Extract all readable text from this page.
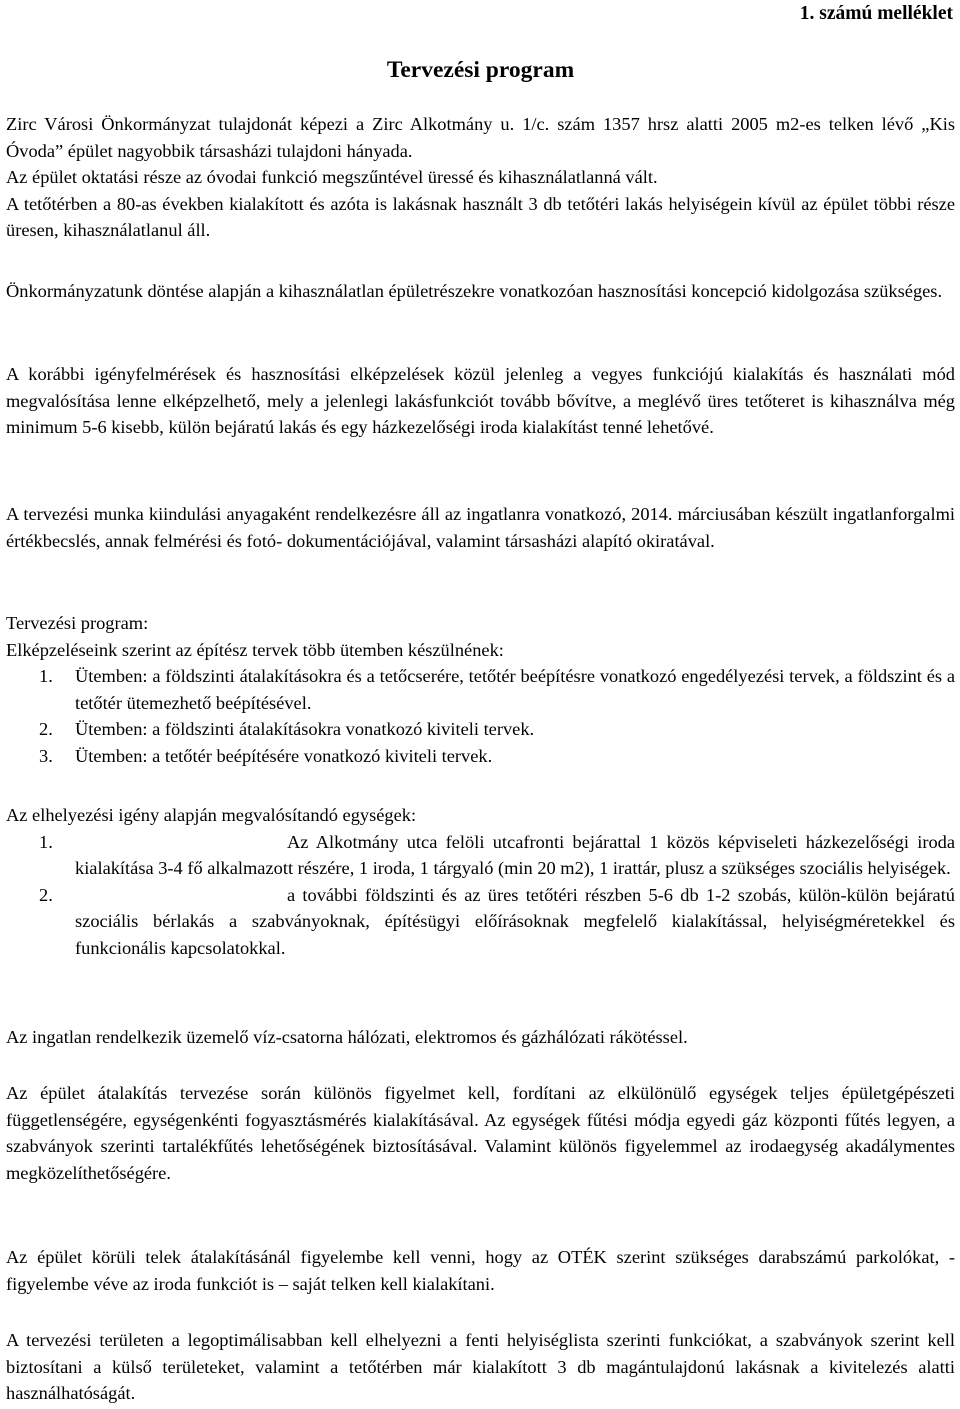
1. számú melléklet
Tervezési program

Zirc Városi Önkormányzat tulajdonát képezi a Zirc Alkotmány u. 1/c. szám 1357 hrsz alatti 2005 m2-es telken lévő „Kis Óvoda” épület nagyobbik társasházi tulajdoni hányada.

Az épület oktatási része az óvodai funkció megszűntével üressé és kihasználatlanná vált.

A tetőtérben a 80-as években kialakított és azóta is lakásnak használt 3 db tetőtéri lakás helyiségein kívül az épület többi része üresen, kihasználatlanul áll.

Önkormányzatunk döntése alapján a kihasználatlan épületrészekre vonatkozóan hasznosítási koncepció kidolgozása szükséges.

A korábbi igényfelmérések és hasznosítási elképzelések közül jelenleg a vegyes funkciójú kialakítás és használati mód megvalósítása lenne elképzelhető, mely a jelenlegi lakásfunkciót tovább bővítve, a meglévő üres tetőteret is kihasználva még minimum 5-6 kisebb, külön bejáratú lakás és egy házkezelőségi iroda kialakítást tenné lehetővé.

A tervezési munka kiindulási anyagaként rendelkezésre áll az ingatlanra vonatkozó, 2014. márciusában készült ingatlanforgalmi értékbecslés, annak felmérési és fotó- dokumentációjával, valamint társasházi alapító okiratával.

Tervezési program:

Elképzeléseink szerint az építész tervek több ütemben készülnének:

1. Ütemben: a földszinti átalakításokra és a tetőcserére, tetőtér beépítésre vonatkozó engedélyezési tervek, a földszint és a tetőtér ütemezhető beépítésével.
2. Ütemben: a földszinti átalakításokra vonatkozó kiviteli tervek.
3. Ütemben: a tetőtér beépítésére vonatkozó kiviteli tervek.

Az elhelyezési igény alapján megvalósítandó egységek:

1.	Az Alkotmány utca felöli utcafronti bejárattal 1 közös képviseleti házkezelőségi iroda kialakítása 3-4 fő alkalmazott részére, 1 iroda, 1 tárgyaló (min 20 m2), 1 irattár, plusz a szükséges szociális helyiségek.
2.	a további földszinti és az üres tetőtéri részben 5-6 db 1-2 szobás, külön-külön bejáratú szociális bérlakás a szabványoknak, építésügyi előírásoknak megfelelő kialakítással, helyiségméretekkel és funkcionális kapcsolatokkal.

Az ingatlan rendelkezik üzemelő víz-csatorna hálózati, elektromos és gázhálózati rákötéssel.

Az épület átalakítás tervezése során különös figyelmet kell, fordítani az elkülönülő egységek teljes épületgépészeti függetlenségére, egységenkénti fogyasztásmérés kialakításával. Az egységek fűtési módja egyedi gáz központi fűtés legyen, a szabványok szerinti tartalékfűtés lehetőségének biztosításával. Valamint különös figyelemmel az irodaegység akadálymentes megközelíthetőségére.

Az épület körüli telek átalakításánál figyelembe kell venni, hogy az OTÉK szerint szükséges darabszámú parkolókat, - figyelembe véve az iroda funkciót is – saját telken kell kialakítani.

A tervezési területen a legoptimálisabban kell elhelyezni a fenti helyiséglista szerinti funkciókat, a szabványok szerint kell biztosítani a külső területeket, valamint a tetőtérben már kialakított 3 db magántulajdonú lakásnak a kivitelezés alatti használhatóságát.
